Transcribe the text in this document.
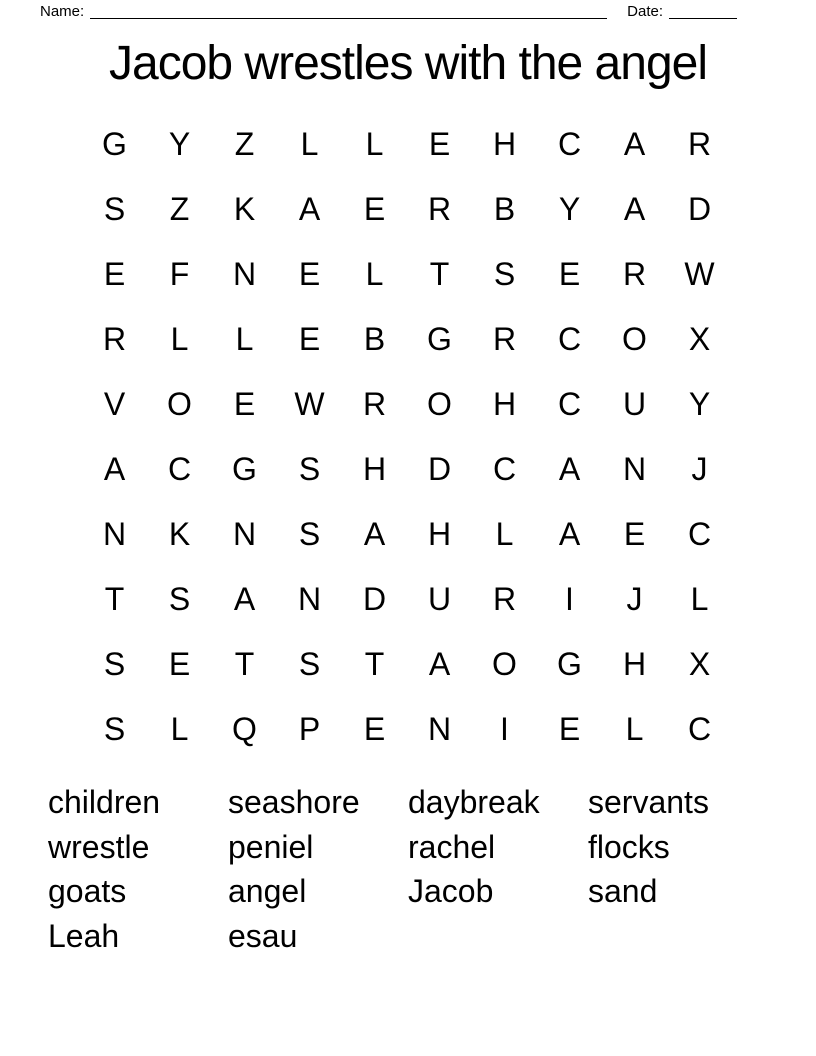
Name:	Date:
Jacob wrestles with the angel
G	Y	Z	L	L	E	H	C	A	R
S	Z	K	A	E	R	B	Y	A	D
E	F	N	E	L	T	S	E	R	W
R	L	L	E	B	G	R	C	O	X
V	O	E	W	R	O	H	C	U	Y
A	C	G	S	H	D	C	A	N	J
N	K	N	S	A	H	L	A	E	C
T	S	A	N	D	U	R	I	J	L
S	E	T	S	T	A	O	G	H	X
S	L	Q	P	E	N	I	E	L	C
children
wrestle
goats
Leah
seashore
peniel
angel
esau
daybreak
rachel
Jacob
servants
flocks
sand
